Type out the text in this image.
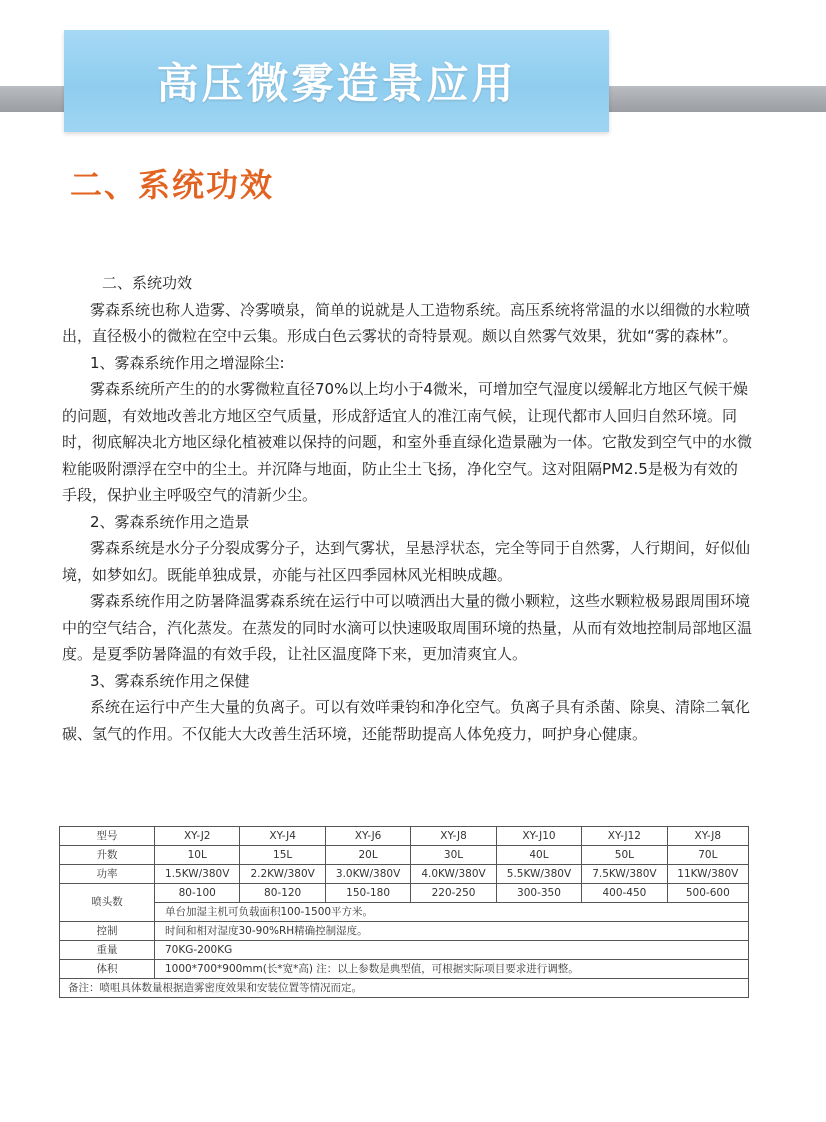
高压微雾造景应用
二、系统功效

二、系统功效

雾森系统也称人造雾、冷雾喷泉，简单的说就是人工造物系统。高压系统将常温的水以细微的水粒喷出，直径极小的微粒在空中云集。形成白色云雾状的奇特景观。颇以自然雾气效果，犹如“雾的森林”。

1、雾森系统作用之增湿除尘:

雾森系统所产生的的水雾微粒直径70%以上均小于4微米，可增加空气湿度以缓解北方地区气候干燥的问题，有效地改善北方地区空气质量，形成舒适宜人的准江南气候，让现代都市人回归自然环境。同时，彻底解决北方地区绿化植被难以保持的问题，和室外垂直绿化造景融为一体。它散发到空气中的水微粒能吸附漂浮在空中的尘土。并沉降与地面，防止尘土飞扬，净化空气。这对阻隔PM2.5是极为有效的手段，保护业主呼吸空气的清新少尘。

2、雾森系统作用之造景

雾森系统是水分子分裂成雾分子，达到气雾状，呈悬浮状态，完全等同于自然雾，人行期间，好似仙境，如梦如幻。既能单独成景，亦能与社区四季园林风光相映成趣。

雾森系统作用之防暑降温雾森系统在运行中可以喷洒出大量的微小颗粒，这些水颗粒极易跟周围环境中的空气结合，汽化蒸发。在蒸发的同时水滴可以快速吸取周围环境的热量，从而有效地控制局部地区温度。是夏季防暑降温的有效手段，让社区温度降下来，更加清爽宜人。

3、雾森系统作用之保健

系统在运行中产生大量的负离子。可以有效咩秉钧和净化空气。负离子具有杀菌、除臭、清除二氧化碳、氢气的作用。不仅能大大改善生活环境，还能帮助提高人体免疫力，呵护身心健康。

型号	XY-J2	XY-J4	XY-J6	XY-J8	XY-J10	XY-J12	XY-J8
升数	10L	15L	20L	30L	40L	50L	70L
功率	1.5KW/380V	2.2KW/380V	3.0KW/380V	4.0KW/380V	5.5KW/380V	7.5KW/380V	11KW/380V
喷头数	80-100	80-120	150-180	220-250	300-350	400-450	500-600
	单台加湿主机可负载面积100-1500平方米。						
控制	时间和相对湿度30-90%RH精确控制湿度。						
重量	70KG-200KG						
体积	1000*700*900mm(长*宽*高) 注：以上参数是典型值，可根据实际项目要求进行调整。						
备注：喷咀具体数量根据造雾密度效果和安装位置等情况而定。							
